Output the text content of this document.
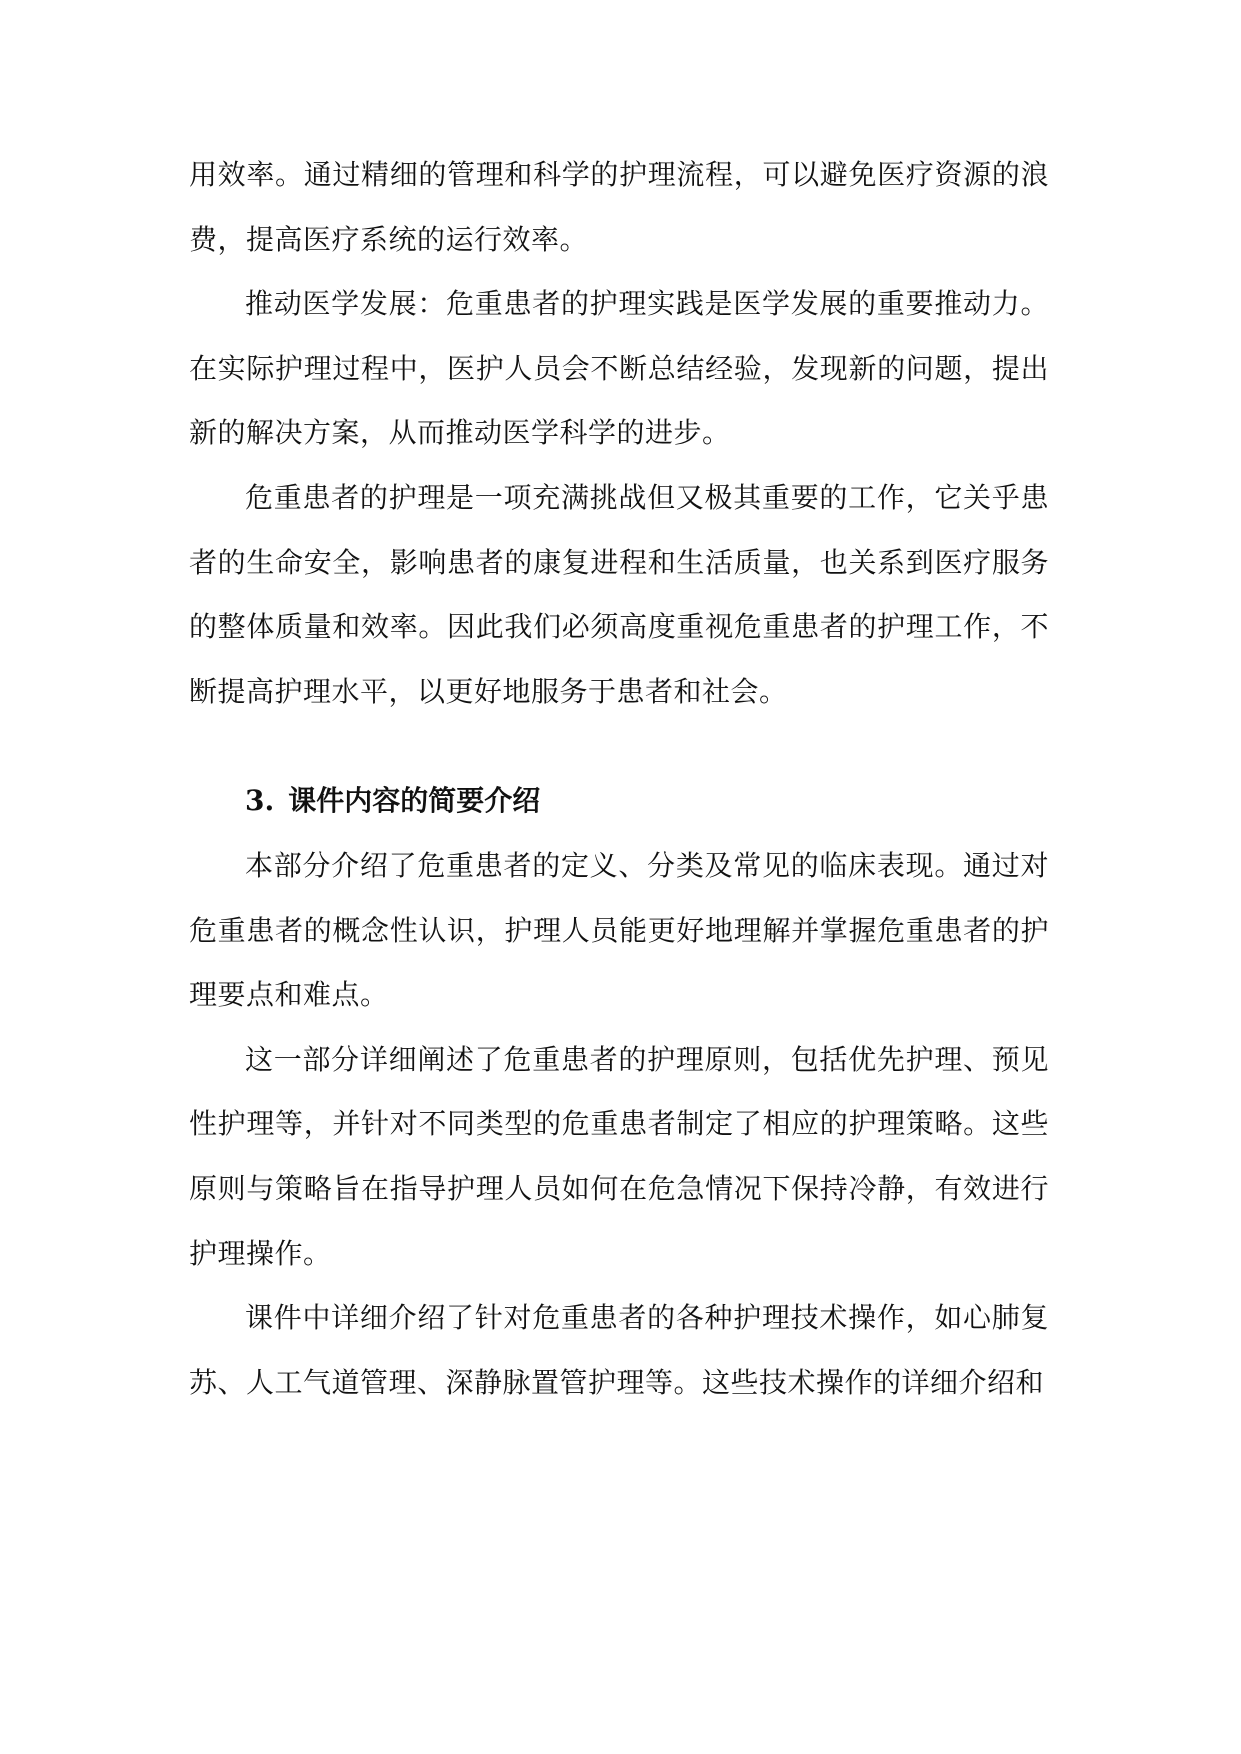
用效率。通过精细的管理和科学的护理流程，可以避免医疗资源的浪费，提高医疗系统的运行效率。

推动医学发展：危重患者的护理实践是医学发展的重要推动力。在实际护理过程中，医护人员会不断总结经验，发现新的问题，提出新的解决方案，从而推动医学科学的进步。

危重患者的护理是一项充满挑战但又极其重要的工作，它关乎患者的生命安全，影响患者的康复进程和生活质量，也关系到医疗服务的整体质量和效率。因此我们必须高度重视危重患者的护理工作，不断提高护理水平，以更好地服务于患者和社会。

3. 课件内容的简要介绍

本部分介绍了危重患者的定义、分类及常见的临床表现。通过对危重患者的概念性认识，护理人员能更好地理解并掌握危重患者的护理要点和难点。

这一部分详细阐述了危重患者的护理原则，包括优先护理、预见性护理等，并针对不同类型的危重患者制定了相应的护理策略。这些原则与策略旨在指导护理人员如何在危急情况下保持冷静，有效进行护理操作。

课件中详细介绍了针对危重患者的各种护理技术操作，如心肺复苏、人工气道管理、深静脉置管护理等。这些技术操作的详细介绍和
